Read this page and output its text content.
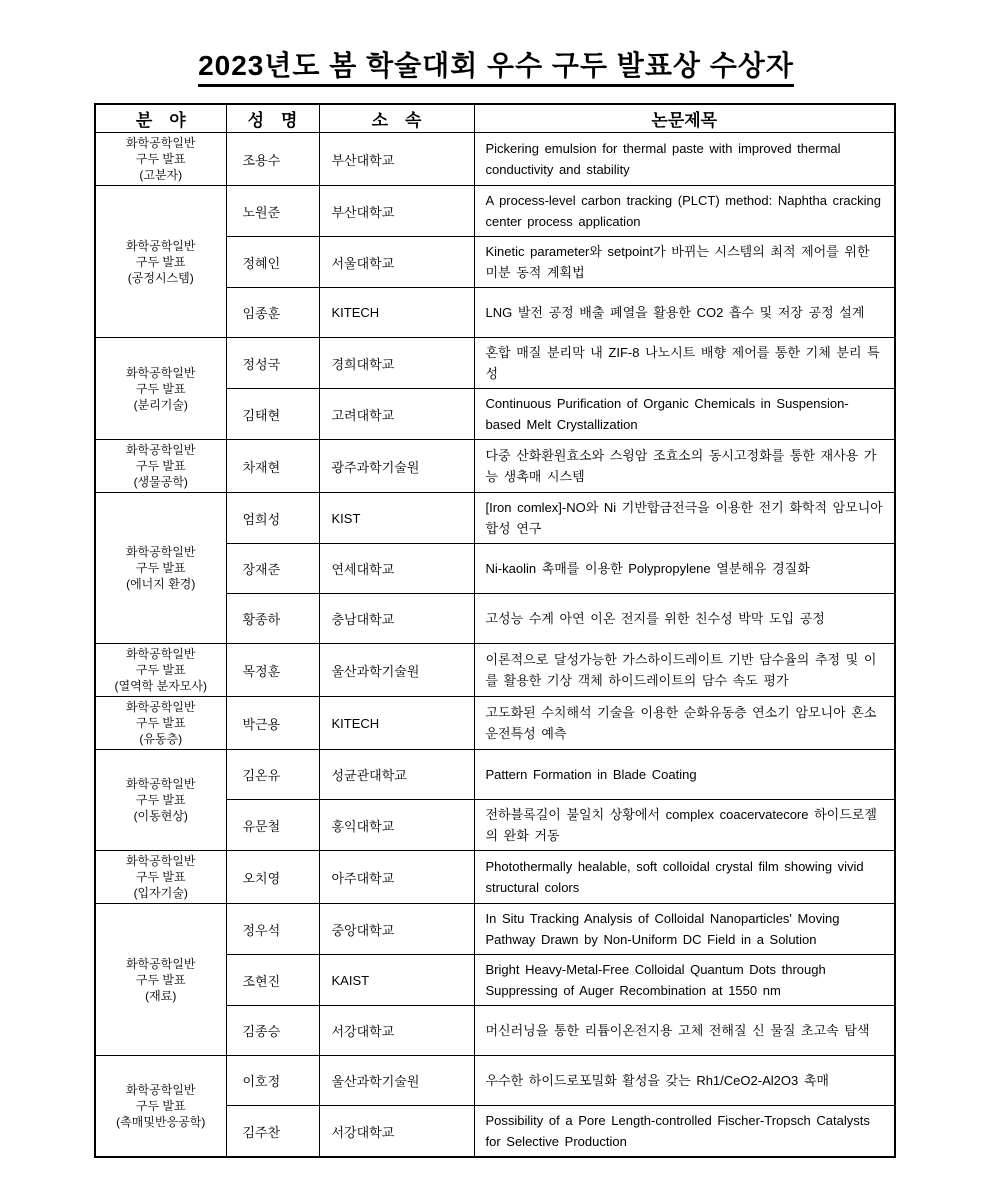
2023년도 봄 학술대회 우수 구두 발표상 수상자
분　야	성　명	소　속	논문제목
화학공학일반
구두 발표
(고분자)	조용수	부산대학교	Pickering emulsion for thermal paste with improved thermal conductivity and stability
화학공학일반
구두 발표
(공정시스템)	노원준	부산대학교	A process-level carbon tracking (PLCT) method: Naphtha cracking center process application
	정혜인	서울대학교	Kinetic parameter와 setpoint가 바뀌는 시스템의 최적 제어를 위한 미분 동적 계획법
	임종훈	KITECH	LNG 발전 공정 배출 폐열을 활용한 CO2 흡수 및 저장 공정 설계
화학공학일반
구두 발표
(분리기술)	정성국	경희대학교	혼합 매질 분리막 내 ZIF-8 나노시트 배향 제어를 통한 기체 분리 특성
	김태현	고려대학교	Continuous Purification of Organic Chemicals in Suspension-based Melt Crystallization
화학공학일반
구두 발표
(생물공학)	차재현	광주과학기술원	다중 산화환원효소와 스윙암 조효소의 동시고정화를 통한 재사용 가능 생촉매 시스템
화학공학일반
구두 발표
(에너지 환경)	엄희성	KIST	[Iron comlex]-NO와 Ni 기반합금전극을 이용한 전기 화학적 암모니아 합성 연구
	장재준	연세대학교	Ni-kaolin 촉매를 이용한 Polypropylene 열분해유 경질화
	황종하	충남대학교	고성능 수계 아연 이온 전지를 위한 친수성 박막 도입 공정
화학공학일반
구두 발표
(열역학 분자모사)	목정훈	울산과학기술원	이론적으로 달성가능한 가스하이드레이트 기반 담수율의 추정 및 이를 활용한 기상 객체 하이드레이트의 담수 속도 평가
화학공학일반
구두 발표
(유동층)	박근용	KITECH	고도화된 수치해석 기술을 이용한 순화유동층 연소기 암모니아 혼소 운전특성 예측
화학공학일반
구두 발표
(이동현상)	김온유	성균관대학교	Pattern Formation in Blade Coating
	유문철	홍익대학교	전하블록길이 불일치 상황에서 complex coacervatecore 하이드로젤의 완화 거동
화학공학일반
구두 발표
(입자기술)	오치영	아주대학교	Photothermally healable, soft colloidal crystal film showing vivid structural colors
화학공학일반
구두 발표
(재료)	정우석	중앙대학교	In Situ Tracking Analysis of Colloidal Nanoparticles' Moving Pathway Drawn by Non-Uniform DC Field in a Solution
	조현진	KAIST	Bright Heavy-Metal-Free Colloidal Quantum Dots through Suppressing of Auger Recombination at 1550 nm
	김종승	서강대학교	머신러닝을 통한 리튬이온전지용 고체 전해질 신 물질 초고속 탐색
화학공학일반
구두 발표
(촉매및반응공학)	이호정	울산과학기술원	우수한 하이드로포밀화 활성을 갖는 Rh1/CeO2-Al2O3 촉매
	김주찬	서강대학교	Possibility of a Pore Length-controlled Fischer-Tropsch Catalysts for Selective Production
